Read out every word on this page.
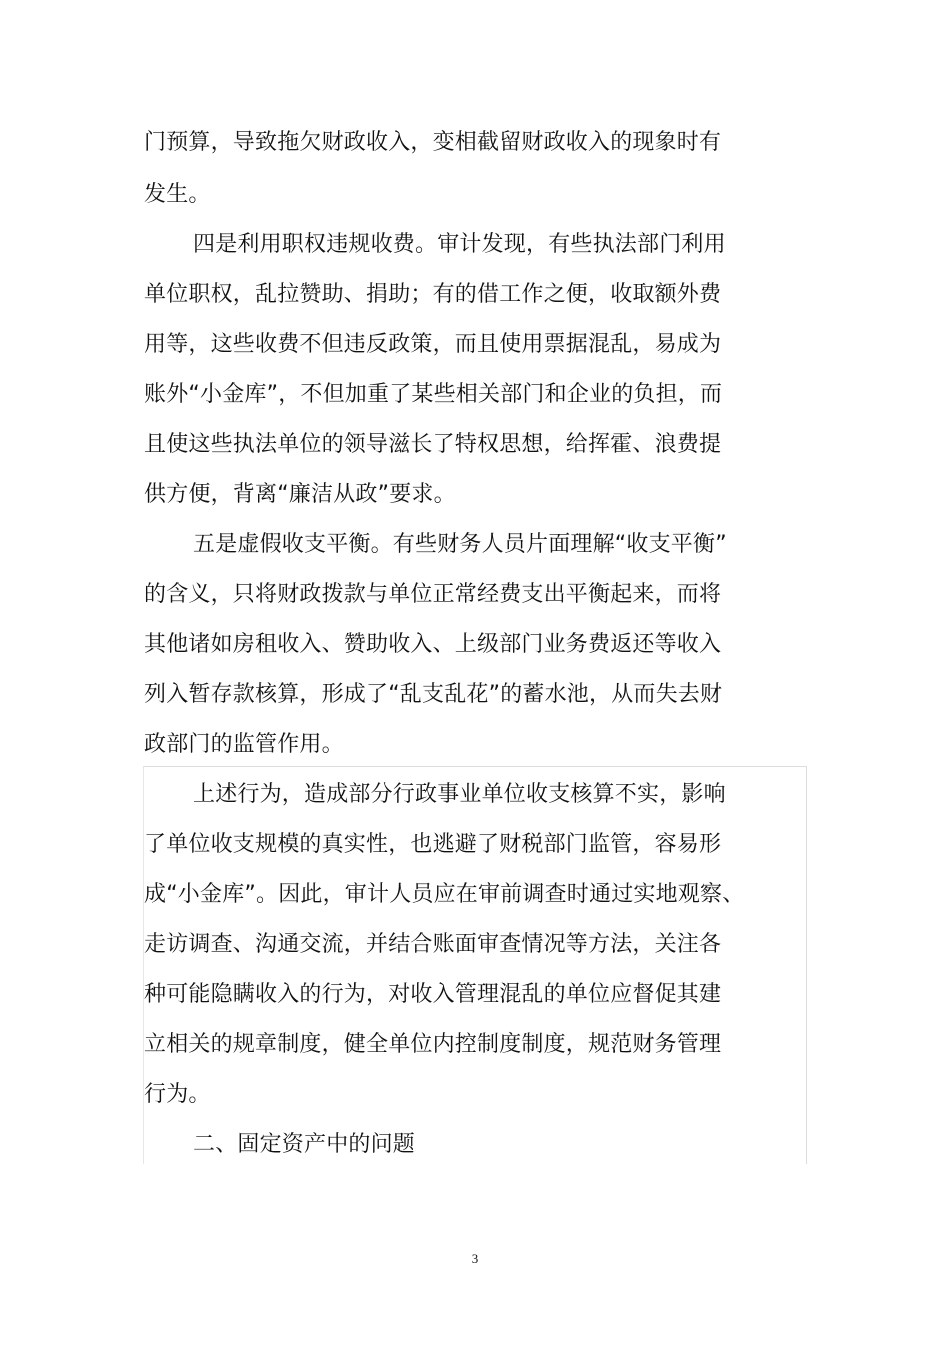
门预算，导致拖欠财政收入，变相截留财政收入的现象时有
发生。
四是利用职权违规收费。审计发现，有些执法部门利用
单位职权，乱拉赞助、捐助；有的借工作之便，收取额外费
用等，这些收费不但违反政策，而且使用票据混乱，易成为
账外“小金库”，不但加重了某些相关部门和企业的负担，而
且使这些执法单位的领导滋长了特权思想，给挥霍、浪费提
供方便，背离“廉洁从政”要求。
五是虚假收支平衡。有些财务人员片面理解“收支平衡”
的含义，只将财政拨款与单位正常经费支出平衡起来，而将
其他诸如房租收入、赞助收入、上级部门业务费返还等收入
列入暂存款核算，形成了“乱支乱花”的蓄水池，从而失去财
政部门的监管作用。
上述行为，造成部分行政事业单位收支核算不实，影响
了单位收支规模的真实性，也逃避了财税部门监管，容易形
成“小金库”。因此，审计人员应在审前调查时通过实地观察、
走访调查、沟通交流，并结合账面审查情况等方法，关注各
种可能隐瞒收入的行为，对收入管理混乱的单位应督促其建
立相关的规章制度，健全单位内控制度制度，规范财务管理
行为。
二、固定资产中的问题
3
